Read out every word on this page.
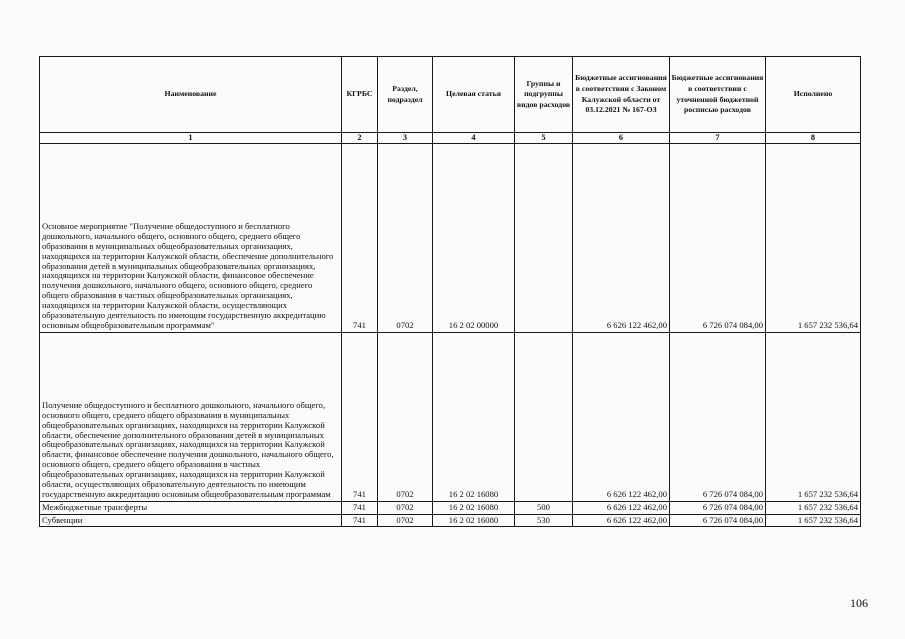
Наименование	КГРБС	Раздел, подраздел	Целевая статья	Группы и подгруппы видов расходов	Бюджетные ассигнования в соответствии с Законом Калужской области от 03.12.2021 № 167-ОЗ	Бюджетные ассигнования в соответствии с уточненной бюджетной росписью расходов	Исполнено
1	2	3	4	5	6	7	8
Основное мероприятие "Получение общедоступного и бесплатного дошкольного, начального общего, основного общего, среднего общего образования в муниципальных общеобразовательных организациях, находящихся на территории Калужской области, обеспечение дополнительного образования детей в муниципальных общеобразовательных организациях, находящихся на территории Калужской области, финансовое обеспечение получения дошкольного, начального общего, основного общего, среднего общего образования в частных общеобразовательных организациях, находящихся на территории Калужской области, осуществляющих образовательную деятельность по имеющим государственную аккредитацию основным общеобразовательным программам"	741	0702	16 2 02 00000		6 626 122 462,00	6 726 074 084,00	1 657 232 536,64
Получение общедоступного и бесплатного дошкольного, начального общего, основного общего, среднего общего образования в муниципальных общеобразовательных организациях, находящихся на территории Калужской области, обеспечение дополнительного образования детей в муниципальных общеобразовательных организациях, находящихся на территории Калужской области, финансовое обеспечение получения дошкольного, начального общего, основного общего, среднего общего образования в частных общеобразовательных организациях, находящихся на территории Калужской области, осуществляющих образовательную деятельность по имеющим государственную аккредитацию основным общеобразовательным программам	741	0702	16 2 02 16080		6 626 122 462,00	6 726 074 084,00	1 657 232 536,64
Межбюджетные трансферты	741	0702	16 2 02 16080	500	6 626 122 462,00	6 726 074 084,00	1 657 232 536,64
Субвенции	741	0702	16 2 02 16080	530	6 626 122 462,00	6 726 074 084,00	1 657 232 536,64
106
